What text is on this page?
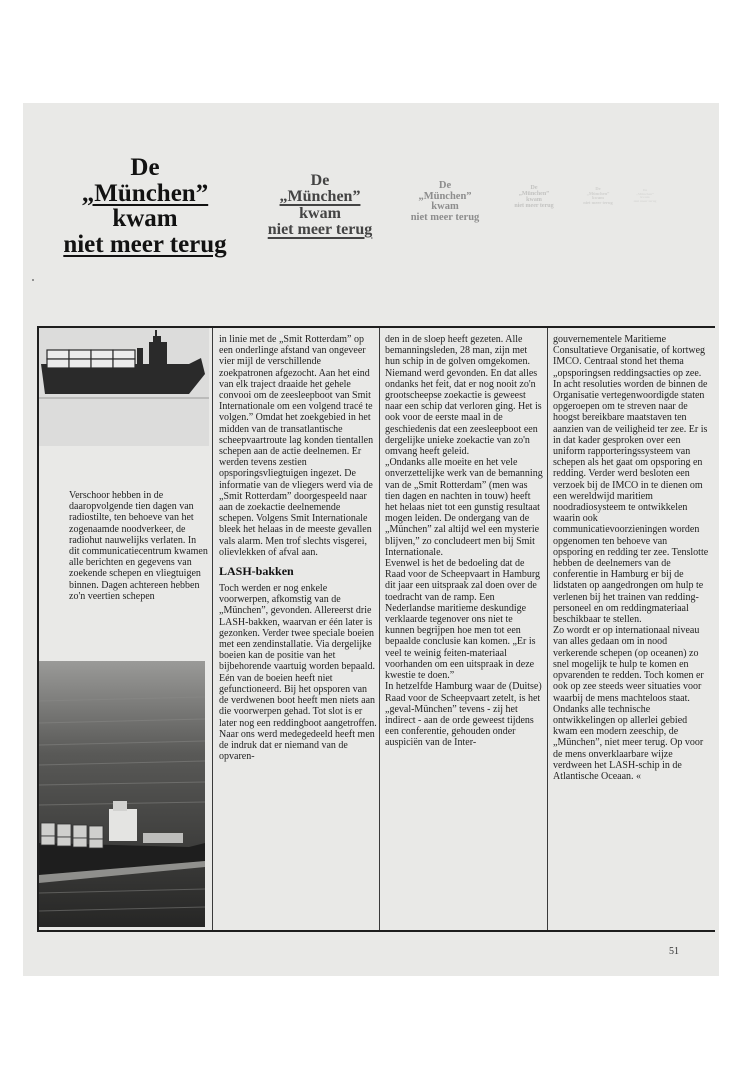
De
„München”
kwam
niet meer terug
De
„München”
kwam
niet meer terug
De
„München”
kwam
niet meer terug
De
„München”
kwam
niet meer terug
De
„München”
kwam
niet meer terug
De
„München”
kwam
niet meer terug
Verschoor hebben in de daaropvolgende tien dagen van radiostilte, ten behoeve van het zogenaamde noodverkeer, de radiohut nauwelijks verlaten. In dit communicatiecentrum kwamen alle berichten en gegevens van zoekende schepen en vliegtuigen binnen. Dagen achtereen hebben zo'n veertien schepen

in linie met de „Smit Rotterdam” op een onderlinge afstand van ongeveer vier mijl de verschillende zoekpatronen afgezocht. Aan het eind van elk traject draaide het gehele convooi om de zeesleepboot van Smit Internationale om een volgend tracé te volgen.” Omdat het zoekgebied in het midden van de transatlantische scheepvaartroute lag konden tientallen schepen aan de actie deelnemen. Er werden tevens zestien opsporingsvliegtuigen ingezet. De informatie van de vliegers werd via de „Smit Rotterdam” doorgespeeld naar aan de zoekactie deelnemende schepen. Volgens Smit Internationale bleek het helaas in de meeste gevallen vals alarm. Men trof slechts visgerei, olievlekken of afval aan.

LASH-bakken

Toch werden er nog enkele voorwerpen, afkomstig van de „München”, gevonden. Allereerst drie LASH-bakken, waarvan er één later is gezonken. Verder twee speciale boeien met een zendinstallatie. Via dergelijke boeien kan de positie van het bijbehorende vaartuig worden bepaald. Eén van de boeien heeft niet gefunctioneerd. Bij het opsporen van de verdwenen boot heeft men niets aan die voorwerpen gehad. Tot slot is er later nog een reddingboot aangetroffen. Naar ons werd medegedeeld heeft men de indruk dat er niemand van de opvaren-

den in de sloep heeft gezeten. Alle bemanningsleden, 28 man, zijn met hun schip in de golven omgekomen. Niemand werd gevonden. En dat alles ondanks het feit, dat er nog nooit zo'n grootscheepse zoekactie is geweest naar een schip dat verloren ging. Het is ook voor de eerste maal in de geschiedenis dat een zeesleepboot een dergelijke unieke zoekactie van zo'n omvang heeft geleid.

„Ondanks alle moeite en het vele onverzettelijke werk van de bemanning van de „Smit Rotterdam” (men was tien dagen en nachten in touw) heeft het helaas niet tot een gunstig resultaat mogen leiden. De ondergang van de „München” zal altijd wel een mysterie blijven,” zo concludeert men bij Smit Internationale.

Evenwel is het de bedoeling dat de Raad voor de Scheepvaart in Hamburg dit jaar een uitspraak zal doen over de toedracht van de ramp. Een Nederlandse maritieme deskundige verklaarde tegenover ons niet te kunnen begrijpen hoe men tot een bepaalde conclusie kan komen. „Er is veel te weinig feiten-materiaal voorhanden om een uitspraak in deze kwestie te doen.”

In hetzelfde Hamburg waar de (Duitse) Raad voor de Scheepvaart zetelt, is het „geval-München” tevens - zij het indirect - aan de orde geweest tijdens een conferentie, gehouden onder auspiciën van de Inter-

gouvernementele Maritieme Consultatieve Organisatie, of kortweg IMCO. Centraal stond het thema „opsporingsen reddingsacties op zee. In acht resoluties worden de binnen de Organisatie vertegenwoordigde staten opgeroepen om te streven naar de hoogst bereikbare maatstaven ten aanzien van de veiligheid ter zee. Er is in dat kader gesproken over een uniform rapporteringssysteem van schepen als het gaat om opsporing en redding. Verder werd besloten een verzoek bij de IMCO in te dienen om een wereldwijd maritiem noodradiosysteem te ontwikkelen waarin ook communicatievoorzieningen worden opgenomen ten behoeve van opsporing en redding ter zee. Tenslotte hebben de deelnemers van de conferentie in Hamburg er bij de lidstaten op aangedrongen om hulp te verlenen bij het trainen van redding-personeel en om reddingmateriaal beschikbaar te stellen.

Zo wordt er op internationaal niveau van alles gedaan om in nood verkerende schepen (op oceanen) zo snel mogelijk te hulp te komen en opvarenden te redden. Toch komen er ook op zee steeds weer situaties voor waarbij de mens machteloos staat. Ondanks alle technische ontwikkelingen op allerlei gebied kwam een modern zeeschip, de „München”, niet meer terug. Op voor de mens onverklaarbare wijze verdween het LASH-schip in de Atlantische Oceaan. «

51
